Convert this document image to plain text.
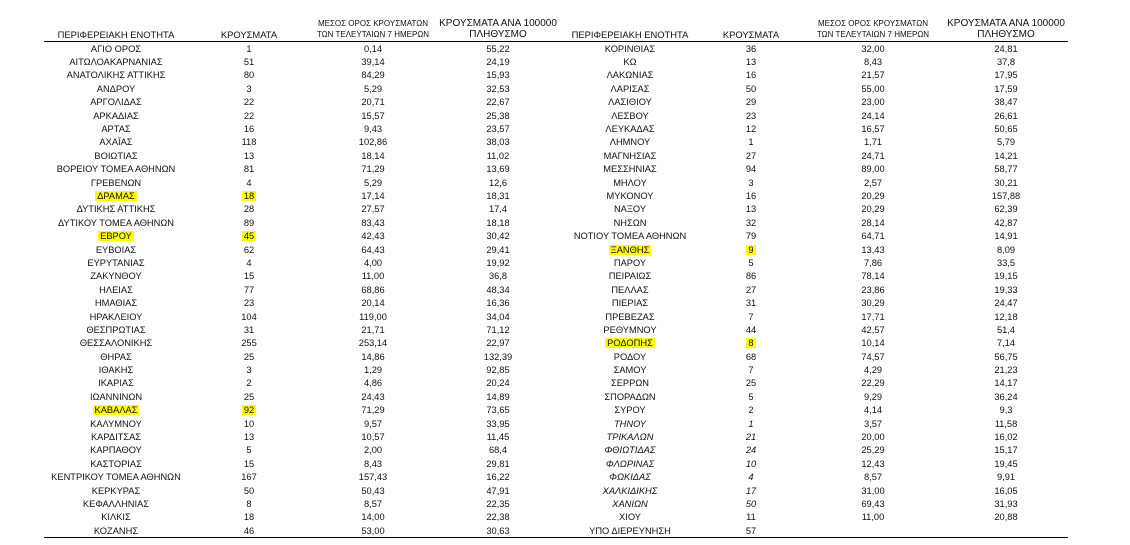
ΠΕΡΙΦΕΡΕΙΑΚΗ ΕΝΟΤΗΤΑ	ΚΡΟΥΣΜΑΤΑ	ΜΕΣΟΣ ΟΡΟΣ ΚΡΟΥΣΜΑΤΩΝ
ΤΩΝ ΤΕΛΕΥΤΑΙΩΝ 7 ΗΜΕΡΩΝ	ΚΡΟΥΣΜΑΤΑ ΑΝΑ 100000
ΠΛΗΘΥΣΜΟ
ΑΓΙΟ ΟΡΟΣ	1	0,14	55,22
ΑΙΤΩΛΟΑΚΑΡΝΑΝΙΑΣ	51	39,14	24,19
ΑΝΑΤΟΛΙΚΗΣ ΑΤΤΙΚΗΣ	80	84,29	15,93
ΑΝΔΡΟΥ	3	5,29	32,53
ΑΡΓΟΛΙΔΑΣ	22	20,71	22,67
ΑΡΚΑΔΙΑΣ	22	15,57	25,38
ΑΡΤΑΣ	16	9,43	23,57
ΑΧΑΪΑΣ	118	102,86	38,03
ΒΟΙΩΤΙΑΣ	13	18,14	11,02
ΒΟΡΕΙΟΥ ΤΟΜΕΑ ΑΘΗΝΩΝ	81	71,29	13,69
ΓΡΕΒΕΝΩΝ	4	5,29	12,6
ΔΡΑΜΑΣ	18	17,14	18,31
ΔΥΤΙΚΗΣ ΑΤΤΙΚΗΣ	28	27,57	17,4
ΔΥΤΙΚΟΥ ΤΟΜΕΑ ΑΘΗΝΩΝ	89	83,43	18,18
ΕΒΡΟΥ	45	42,43	30,42
ΕΥΒΟΙΑΣ	62	64,43	29,41
ΕΥΡΥΤΑΝΙΑΣ	4	4,00	19,92
ΖΑΚΥΝΘΟΥ	15	11,00	36,8
ΗΛΕΙΑΣ	77	68,86	48,34
ΗΜΑΘΙΑΣ	23	20,14	16,36
ΗΡΑΚΛΕΙΟΥ	104	119,00	34,04
ΘΕΣΠΡΩΤΙΑΣ	31	21,71	71,12
ΘΕΣΣΑΛΟΝΙΚΗΣ	255	253,14	22,97
ΘΗΡΑΣ	25	14,86	132,39
ΙΘΑΚΗΣ	3	1,29	92,85
ΙΚΑΡΙΑΣ	2	4,86	20,24
ΙΩΑΝΝΙΝΩΝ	25	24,43	14,89
ΚΑΒΑΛΑΣ	92	71,29	73,65
ΚΑΛΥΜΝΟΥ	10	9,57	33,95
ΚΑΡΔΙΤΣΑΣ	13	10,57	11,45
ΚΑΡΠΑΘΟΥ	5	2,00	68,4
ΚΑΣΤΟΡΙΑΣ	15	8,43	29,81
ΚΕΝΤΡΙΚΟΥ ΤΟΜΕΑ ΑΘΗΝΩΝ	167	157,43	16,22
ΚΕΡΚΥΡΑΣ	50	50,43	47,91
ΚΕΦΑΛΛΗΝΙΑΣ	8	8,57	22,35
ΚΙΛΚΙΣ	18	14,00	22,38
ΚΟΖΑΝΗΣ	46	53,00	30,63
ΠΕΡΙΦΕΡΕΙΑΚΗ ΕΝΟΤΗΤΑ	ΚΡΟΥΣΜΑΤΑ	ΜΕΣΟΣ ΟΡΟΣ ΚΡΟΥΣΜΑΤΩΝ
ΤΩΝ ΤΕΛΕΥΤΑΙΩΝ 7 ΗΜΕΡΩΝ	ΚΡΟΥΣΜΑΤΑ ΑΝΑ 100000
ΠΛΗΘΥΣΜΟ
ΚΟΡΙΝΘΙΑΣ	36	32,00	24,81
ΚΩ	13	8,43	37,8
ΛΑΚΩΝΙΑΣ	16	21,57	17,95
ΛΑΡΙΣΑΣ	50	55,00	17,59
ΛΑΣΙΘΙΟΥ	29	23,00	38,47
ΛΕΣΒΟΥ	23	24,14	26,61
ΛΕΥΚΑΔΑΣ	12	16,57	50,65
ΛΗΜΝΟΥ	1	1,71	5,79
ΜΑΓΝΗΣΙΑΣ	27	24,71	14,21
ΜΕΣΣΗΝΙΑΣ	94	89,00	58,77
ΜΗΛΟΥ	3	2,57	30,21
ΜΥΚΟΝΟΥ	16	20,29	157,88
ΝΑΞΟΥ	13	20,29	62,39
ΝΗΣΩΝ	32	28,14	42,87
ΝΟΤΙΟΥ ΤΟΜΕΑ ΑΘΗΝΩΝ	79	64,71	14,91
ΞΑΝΘΗΣ	9	13,43	8,09
ΠΑΡΟΥ	5	7,86	33,5
ΠΕΙΡΑΙΩΣ	86	78,14	19,15
ΠΕΛΛΑΣ	27	23,86	19,33
ΠΙΕΡΙΑΣ	31	30,29	24,47
ΠΡΕΒΕΖΑΣ	7	17,71	12,18
ΡΕΘΥΜΝΟΥ	44	42,57	51,4
ΡΟΔΟΠΗΣ	8	10,14	7,14
ΡΟΔΟΥ	68	74,57	56,75
ΣΑΜΟΥ	7	4,29	21,23
ΣΕΡΡΩΝ	25	22,29	14,17
ΣΠΟΡΑΔΩΝ	5	9,29	36,24
ΣΥΡΟΥ	2	4,14	9,3
ΤΗΝΟΥ	1	3,57	11,58
ΤΡΙΚΑΛΩΝ	21	20,00	16,02
ΦΘΙΩΤΙΔΑΣ	24	25,29	15,17
ΦΛΩΡΙΝΑΣ	10	12,43	19,45
ΦΩΚΙΔΑΣ	4	8,57	9,91
ΧΑΛΚΙΔΙΚΗΣ	17	31,00	16,05
ΧΑΝΙΩΝ	50	69,43	31,93
ΧΙΟΥ	11	11,00	20,88
ΥΠΟ ΔΙΕΡΕΥΝΗΣΗ	57		
